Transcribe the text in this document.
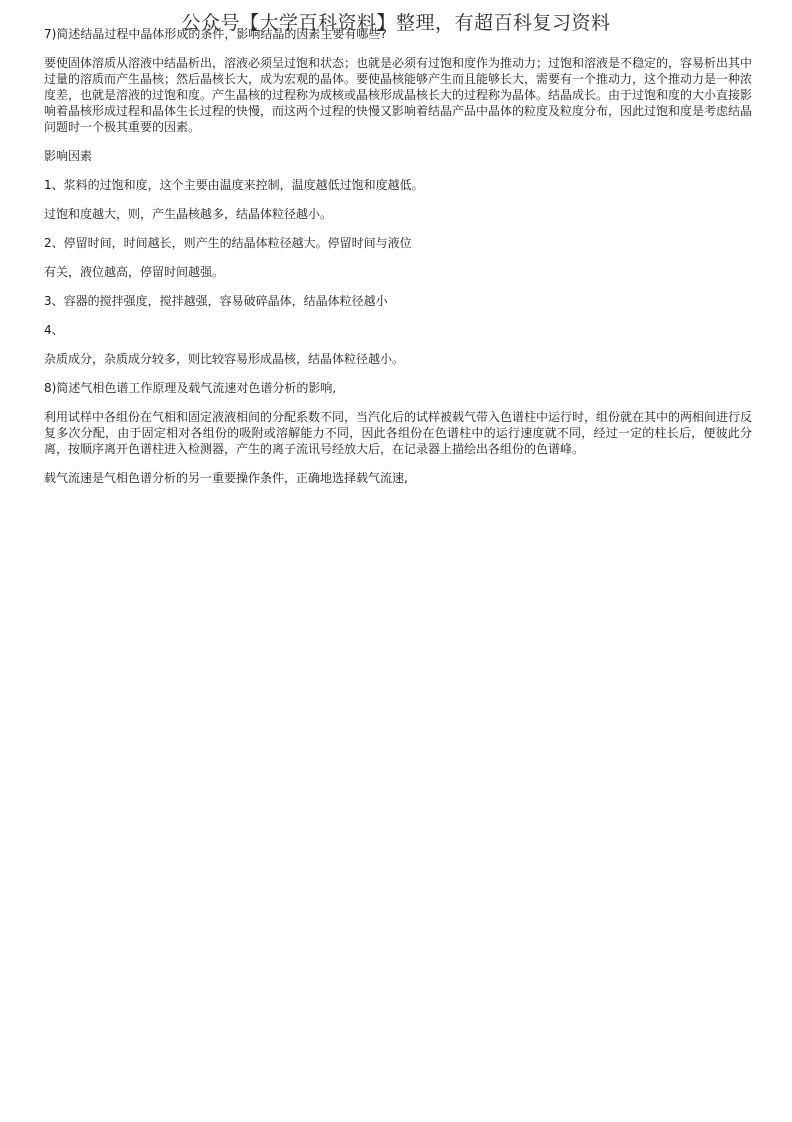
公众号【大学百科资料】整理，有超百科复习资料

7)简述结晶过程中晶体形成的条件，影响结晶的因素主要有哪些?

要使固体溶质从溶液中结晶析出，溶液必须呈过饱和状态；也就是必须有过饱和度作为推动力；过饱和溶液是不稳定的，容易析出其中过量的溶质而产生晶核；然后晶核长大，成为宏观的晶体。要使晶核能够产生而且能够长大，需要有一个推动力，这个推动力是一种浓度差，也就是溶液的过饱和度。产生晶核的过程称为成核或晶核形成晶核长大的过程称为晶体。结晶成长。由于过饱和度的大小直接影响着晶核形成过程和晶体生长过程的快慢，而这两个过程的快慢又影响着结晶产品中晶体的粒度及粒度分布，因此过饱和度是考虑结晶问题时一个极其重要的因素。

影响因素

1、浆料的过饱和度，这个主要由温度来控制，温度越低过饱和度越低。

过饱和度越大，则，产生晶核越多，结晶体粒径越小。

2、停留时间，时间越长，则产生的结晶体粒径越大。停留时间与液位

有关，液位越高，停留时间越强。

3、容器的搅拌强度，搅拌越强，容易破碎晶体，结晶体粒径越小

4、

杂质成分，杂质成分较多，则比较容易形成晶核，结晶体粒径越小。

8)简述气相色谱工作原理及载气流速对色谱分析的影响,

利用试样中各组份在气相和固定液液相间的分配系数不同，当汽化后的试样被载气带入色谱柱中运行时，组份就在其中的两相间进行反复多次分配，由于固定相对各组份的吸附或溶解能力不同，因此各组份在色谱柱中的运行速度就不同，经过一定的柱长后，便彼此分离，按顺序离开色谱柱进入检测器，产生的离子流讯号经放大后，在记录器上描绘出各组份的色谱峰。

载气流速是气相色谱分析的另一重要操作条件，正确地选择载气流速,
